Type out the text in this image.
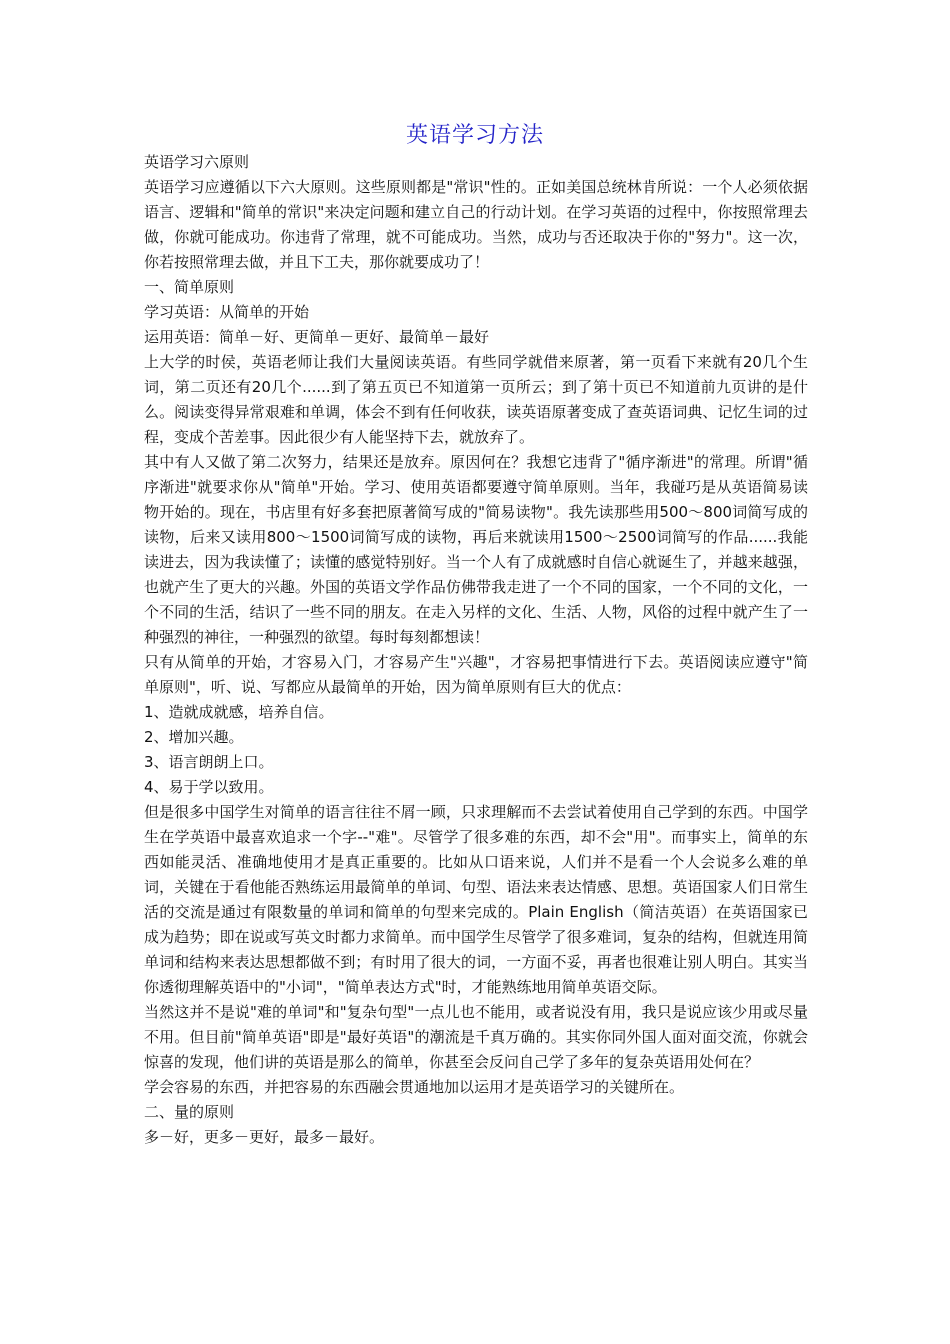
英语学习方法

英语学习六原则

英语学习应遵循以下六大原则。这些原则都是"常识"性的。正如美国总统林肯所说：一个人必须依据语言、逻辑和"简单的常识"来决定问题和建立自己的行动计划。在学习英语的过程中，你按照常理去做，你就可能成功。你违背了常理，就不可能成功。当然，成功与否还取决于你的"努力"。这一次，你若按照常理去做，并且下工夫，那你就要成功了！

一、简单原则

学习英语：从简单的开始

运用英语：简单－好、更简单－更好、最简单－最好

上大学的时侯，英语老师让我们大量阅读英语。有些同学就借来原著，第一页看下来就有20几个生词，第二页还有20几个......到了第五页已不知道第一页所云；到了第十页已不知道前九页讲的是什么。阅读变得异常艰难和单调，体会不到有任何收获，读英语原著变成了查英语词典、记忆生词的过程，变成个苦差事。因此很少有人能坚持下去，就放弃了。

其中有人又做了第二次努力，结果还是放弃。原因何在？我想它违背了"循序渐进"的常理。所谓"循序渐进"就要求你从"简单"开始。学习、使用英语都要遵守简单原则。当年，我碰巧是从英语简易读物开始的。现在，书店里有好多套把原著简写成的"简易读物"。我先读那些用500～800词简写成的读物，后来又读用800～1500词简写成的读物，再后来就读用1500～2500词简写的作品......我能读进去，因为我读懂了；读懂的感觉特别好。当一个人有了成就感时自信心就诞生了，并越来越强，也就产生了更大的兴趣。外国的英语文学作品仿佛带我走进了一个不同的国家，一个不同的文化，一个不同的生活，结识了一些不同的朋友。在走入另样的文化、生活、人物，风俗的过程中就产生了一种强烈的神往，一种强烈的欲望。每时每刻都想读！

只有从简单的开始，才容易入门，才容易产生"兴趣"，才容易把事情进行下去。英语阅读应遵守"简单原则"，听、说、写都应从最简单的开始，因为简单原则有巨大的优点：

1、造就成就感，培养自信。

2、增加兴趣。

3、语言朗朗上口。

4、易于学以致用。

但是很多中国学生对简单的语言往往不屑一顾，只求理解而不去尝试着使用自己学到的东西。中国学生在学英语中最喜欢追求一个字--"难"。尽管学了很多难的东西，却不会"用"。而事实上，简单的东西如能灵活、准确地使用才是真正重要的。比如从口语来说，人们并不是看一个人会说多么难的单词，关键在于看他能否熟练运用最简单的单词、句型、语法来表达情感、思想。英语国家人们日常生活的交流是通过有限数量的单词和简单的句型来完成的。Plain English（简洁英语）在英语国家已成为趋势；即在说或写英文时都力求简单。而中国学生尽管学了很多难词，复杂的结构，但就连用简单词和结构来表达思想都做不到；有时用了很大的词，一方面不妥，再者也很难让别人明白。其实当你透彻理解英语中的"小词"，"简单表达方式"时，才能熟练地用简单英语交际。

当然这并不是说"难的单词"和"复杂句型"一点儿也不能用，或者说没有用，我只是说应该少用或尽量不用。但目前"简单英语"即是"最好英语"的潮流是千真万确的。其实你同外国人面对面交流，你就会惊喜的发现，他们讲的英语是那么的简单，你甚至会反问自己学了多年的复杂英语用处何在？

学会容易的东西，并把容易的东西融会贯通地加以运用才是英语学习的关键所在。

二、量的原则

多－好，更多－更好，最多－最好。
